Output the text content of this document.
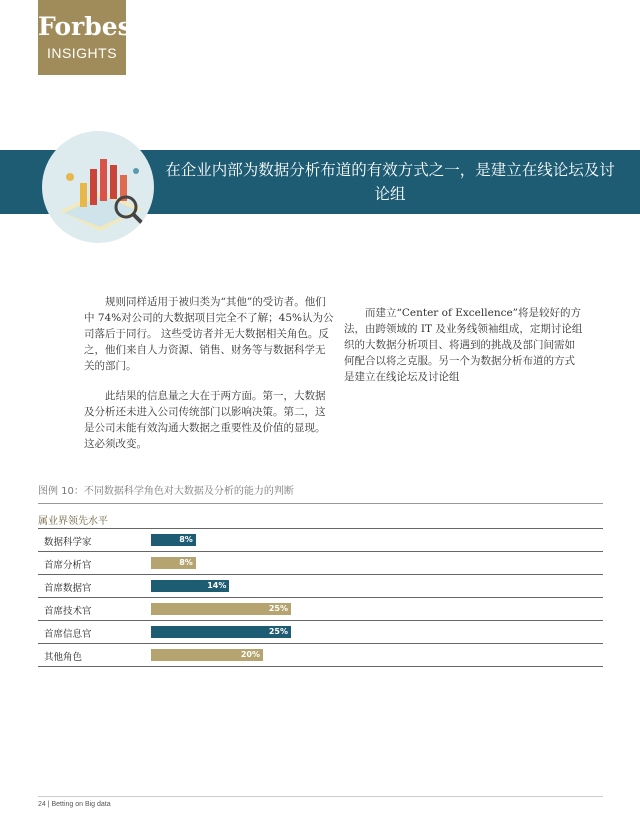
Forbes
INSIGHTS
在企业内部为数据分析布道的有效方式之一，是建立在线论坛及讨论组

规则同样适用于被归类为“其他”的受访者。他们中 74%对公司的大数据项目完全不了解；45%认为公司落后于同行。 这些受访者并无大数据相关角色。反之，他们来自人力资源、销售、财务等与数据科学无关的部门。

此结果的信息量之大在于两方面。第一，大数据及分析还未进入公司传统部门以影响决策。第二，这是公司未能有效沟通大数据之重要性及价值的显现。这必须改变。

而建立“Center of Excellence”将是较好的方法，由跨领域的 IT 及业务线领袖组成，定期讨论组织的大数据分析项目、将遇到的挑战及部门间需如何配合以将之克服。另一个为数据分析布道的方式是建立在线论坛及讨论组

图例 10：不同数据科学角色对大数据及分析的能力的判断
属业界领先水平
数据科学家	8%
首席分析官	8%
首席数据官	14%
首席技术官	25%
首席信息官	25%
其他角色	20%
24 | Betting on Big data
